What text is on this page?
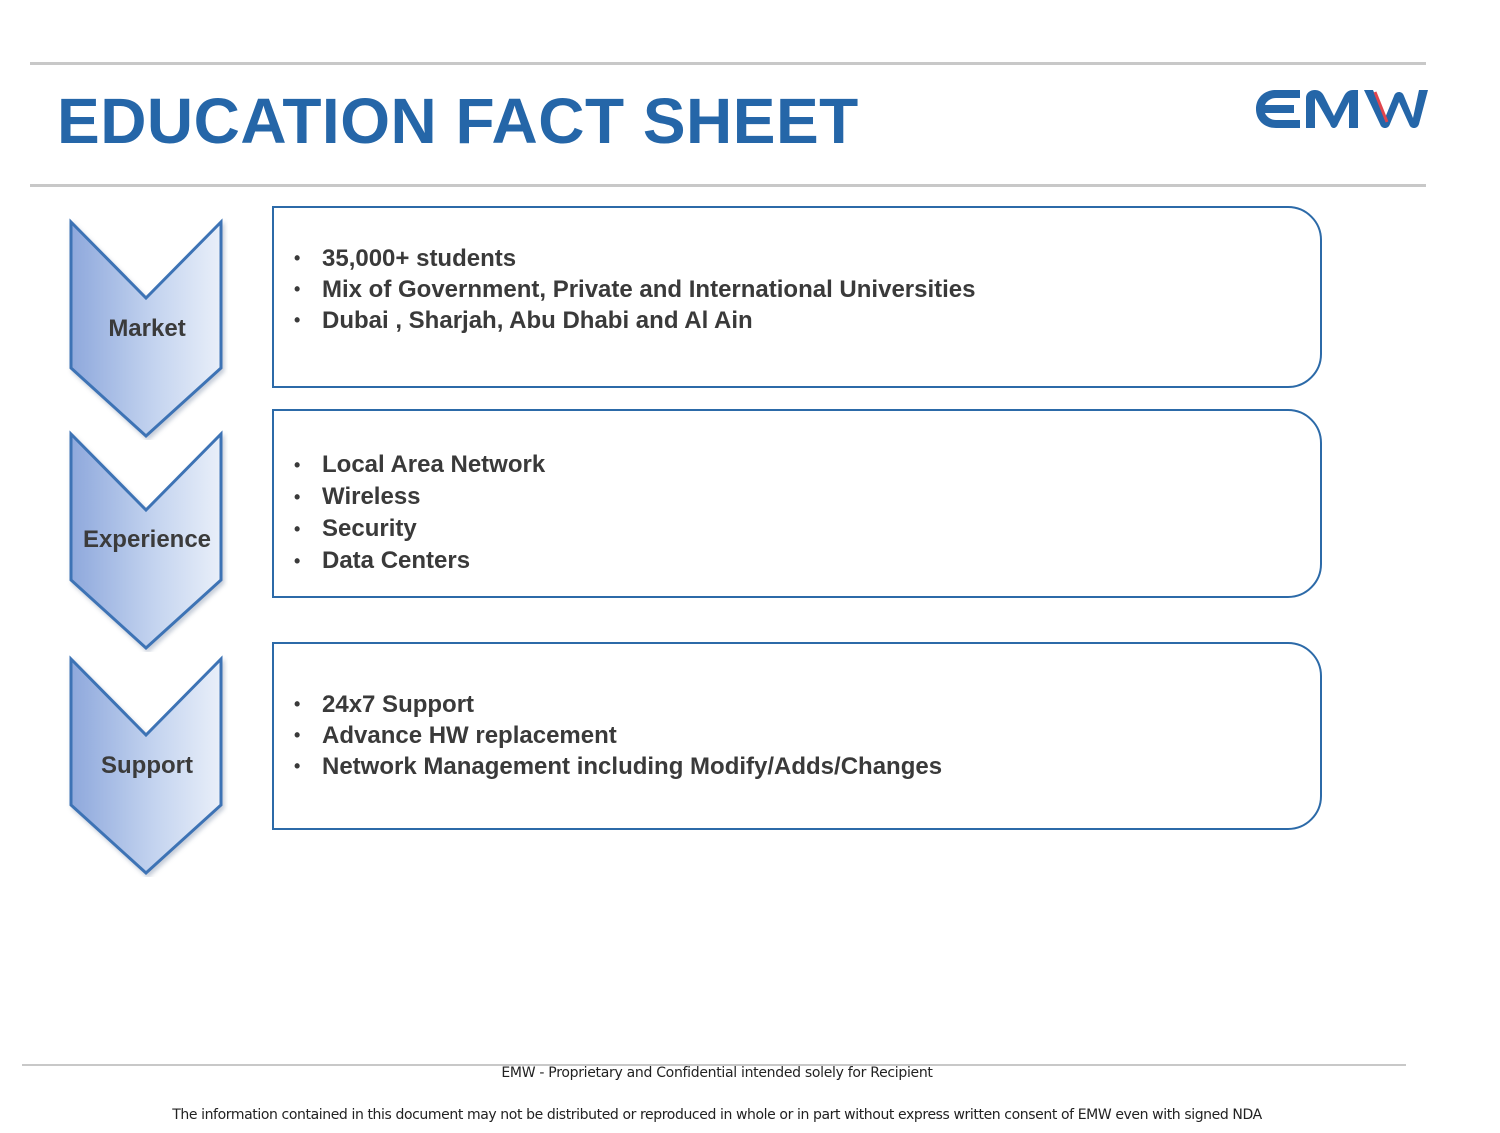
EDUCATION FACT SHEET
Market
• 35,000+ students
• Mix of Government, Private and International Universities
• Dubai , Sharjah, Abu Dhabi and Al Ain
Experience
• Local Area Network
• Wireless
• Security
• Data Centers
Support
• 24x7 Support
• Advance HW replacement
• Network Management including Modify/Adds/Changes
EMW - Proprietary and Confidential intended solely for Recipient
The information contained in this document may not be distributed or reproduced in whole or in part without express written consent of EMW even with signed NDA
